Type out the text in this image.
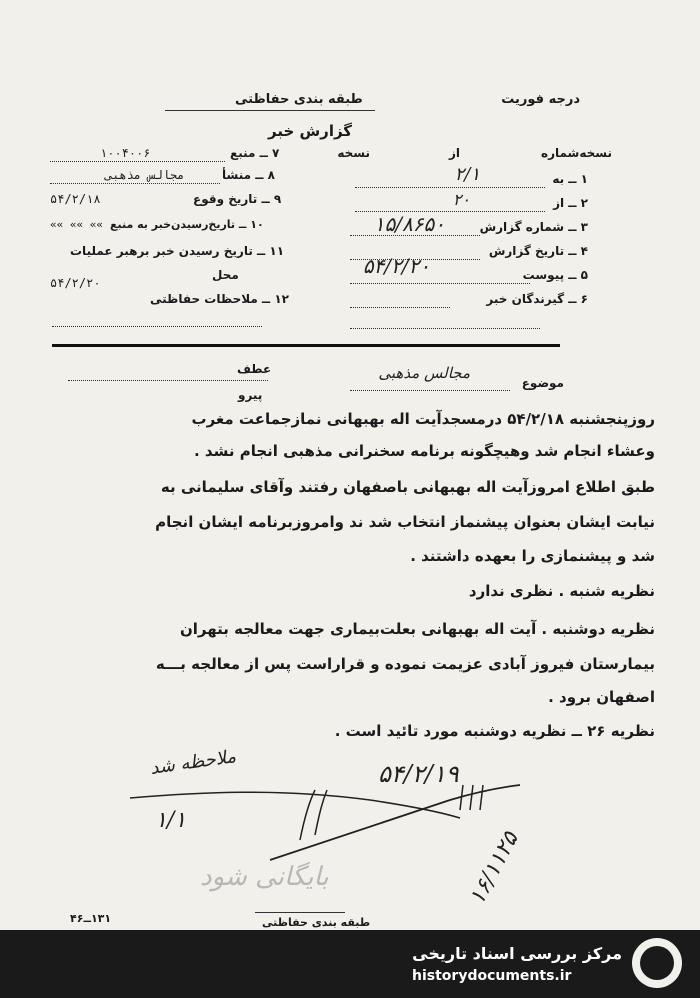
درجه فوریت
طبقه بندی حفاظتی
گزارش خبر
نسخه‌شماره
از
نسخه
۱ ــ به
۲/۱
۲ ــ از
۲۰
۳ ــ شماره گزارش
۱۵/۸۶۵۰
۴ ــ تاریخ گزارش
۵۴/۲/۲۰	۵ ــ پیوست
۶ ــ گیرندگان خبر
۷ ــ منبع
۱۰۰۴۰۰۶
۸ ــ منشأ
مجالس مذهبی
۹ ــ تاریخ وقوع
۵۴/۲/۱۸
۱۰ ــ تاریخ‌رسیدن‌خبر به منبع
»» »» »»
۱۱ ــ تاریخ رسیدن خبر برهبر عملیات
محل
۵۴/۲/۲۰
۱۲ ــ ملاحظات حفاظتی
موضوع
مجالس مذهبی
عطف
پیرو
روزپنجشنبه ۵۴/۲/۱۸ درمسجدآیت اله بهبهانی نمازجماعت مغرب
وعشاء انجام شد وهیچگونه برنامه سخنرانی مذهبی انجام نشد .
طبق اطلاع امروزآیت اله بهبهانی باصفهان رفتند وآقای سلیمانی به
نیابت ایشان بعنوان پیشنماز انتخاب شد ند وامروزبرنامه ایشان انجام
شد و پیشنمازی را بعهده داشتند .
نظریه شنبه . نظری ندارد
نظریه دوشنبه . آیت اله بهبهانی بعلت‌بیماری جهت معالجه بتهران
بیمارستان فیروز آبادی عزیمت نموده و قراراست پس از معالجه بـــه
اصفهان برود .
نظریه ۲۶ ــ نظریه دوشنبه مورد تائید است .
ملاحظه شد
۱/۱
۵۴/۲/۱۹
۱۶/۱۱۲۵
بایگانی شود
۱۳۱ــ۴۶	طبقه بندی حفاظتی
مرکز بررسی اسناد تاریخی
historydocuments.ir
